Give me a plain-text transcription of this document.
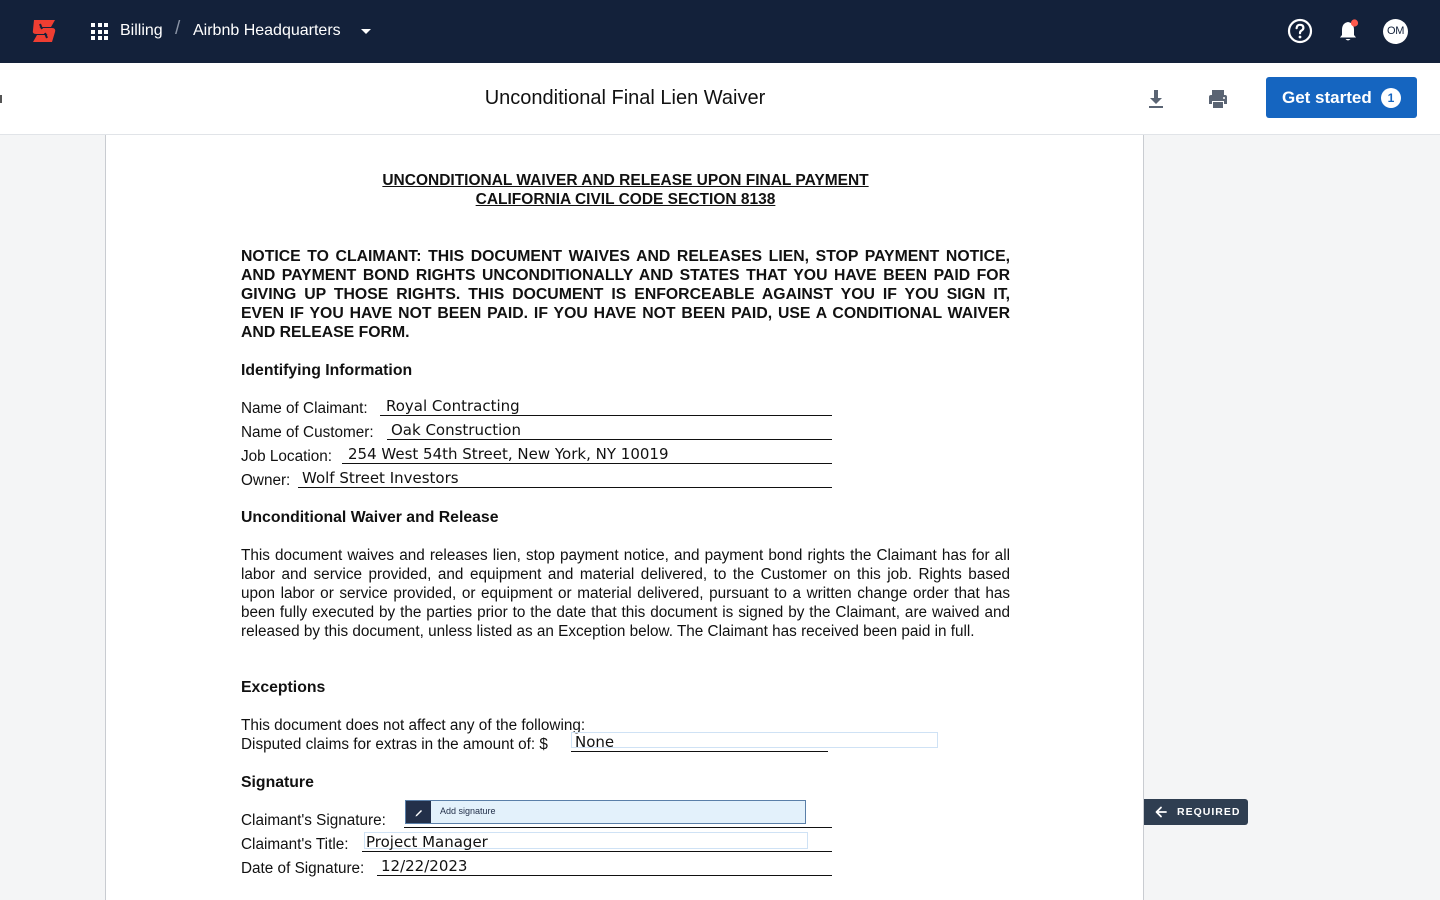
Billing / Airbnb Headquarters	OM
Unconditional Final Lien Waiver	Get started	1
UNCONDITIONAL WAIVER AND RELEASE UPON FINAL PAYMENT
CALIFORNIA CIVIL CODE SECTION 8138
NOTICE TO CLAIMANT: THIS DOCUMENT WAIVES AND RELEASES LIEN, STOP PAYMENT NOTICE, AND PAYMENT BOND RIGHTS UNCONDITIONALLY AND STATES THAT YOU HAVE BEEN PAID FOR GIVING UP THOSE RIGHTS. THIS DOCUMENT IS ENFORCEABLE AGAINST YOU IF YOU SIGN IT, EVEN IF YOU HAVE NOT BEEN PAID. IF YOU HAVE NOT BEEN PAID, USE A CONDITIONAL WAIVER AND RELEASE FORM.
Identifying Information
Name of Claimant: Royal Contracting
Name of Customer: Oak Construction
Job Location: 254 West 54th Street, New York, NY 10019
Owner: Wolf Street Investors
Unconditional Waiver and Release
This document waives and releases lien, stop payment notice, and payment bond rights the Claimant has for all labor and service provided, and equipment and material delivered, to the Customer on this job. Rights based upon labor or service provided, or equipment or material delivered, pursuant to a written change order that has been fully executed by the parties prior to the date that this document is signed by the Claimant, are waived and released by this document, unless listed as an Exception below. The Claimant has received been paid in full.
Exceptions
This document does not affect any of the following:
Disputed claims for extras in the amount of: $ None
Signature
Claimant's Signature:
Claimant's Title: Project Manager
Date of Signature: 12/22/2023
Add signature	REQUIRED
